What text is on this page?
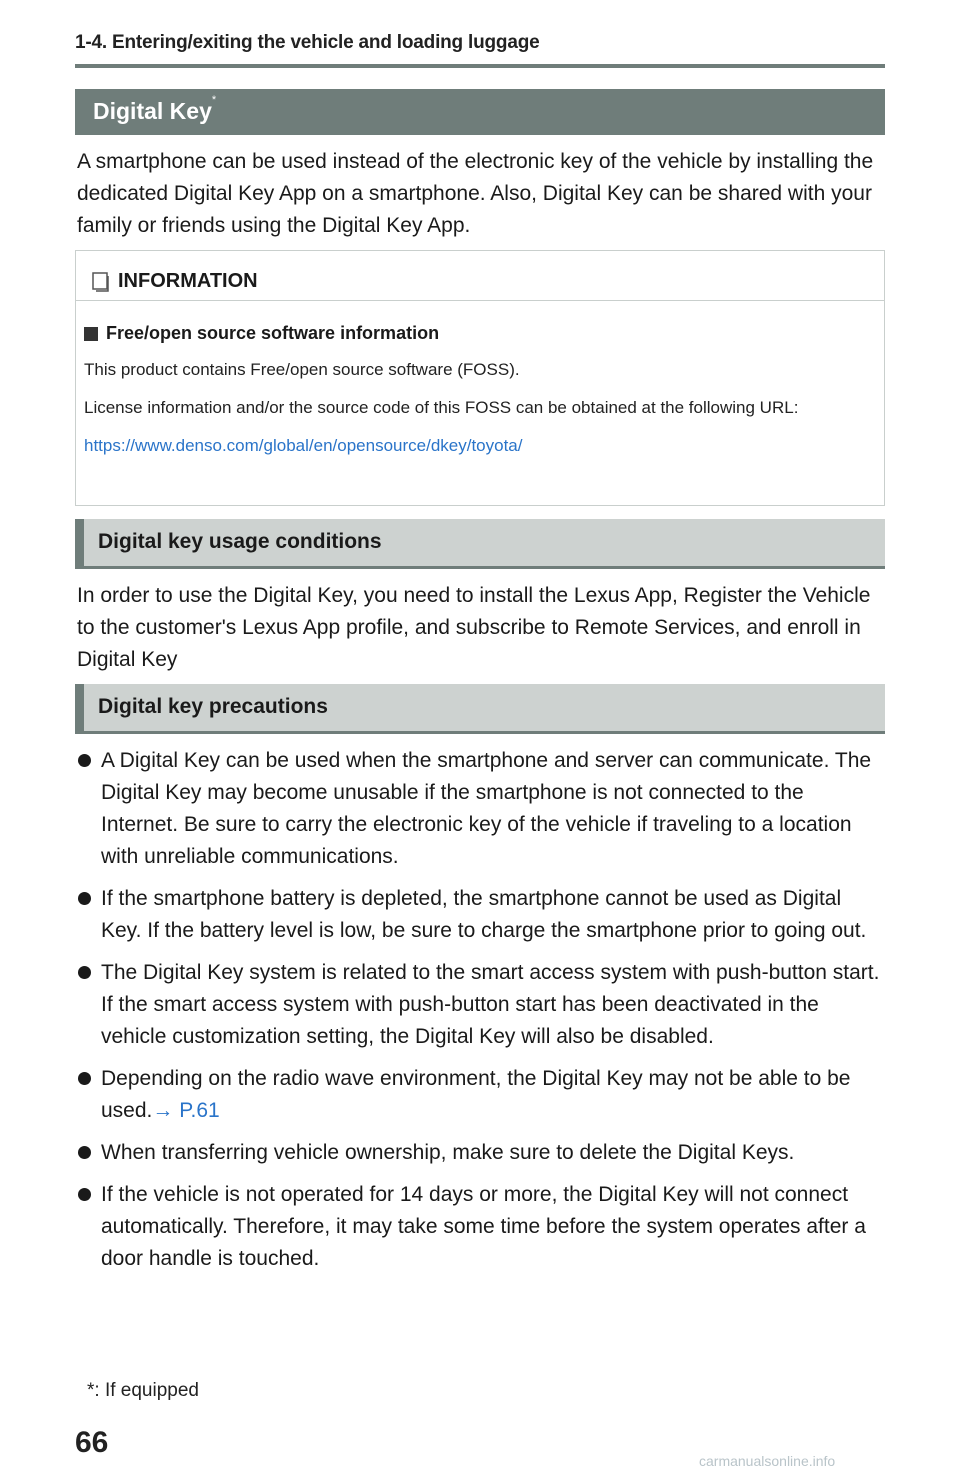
1-4. Entering/exiting the vehicle and loading luggage
Digital Key*

A smartphone can be used instead of the electronic key of the vehicle by installing the dedicated Digital Key App on a smartphone. Also, Digital Key can be shared with your family or friends using the Digital Key App.

INFORMATION
Free/open source software information

This product contains Free/open source software (FOSS).

License information and/or the source code of this FOSS can be obtained at the following URL:

https://www.denso.com/global/en/opensource/dkey/toyota/

Digital key usage conditions

In order to use the Digital Key, you need to install the Lexus App, Register the Vehicle to the customer's Lexus App profile, and subscribe to Remote Services, and enroll in Digital Key

Digital key precautions
A Digital Key can be used when the smartphone and server can communicate. The Digital Key may become unusable if the smartphone is not connected to the Internet. Be sure to carry the electronic key of the vehicle if traveling to a location with unreliable communications.
If the smartphone battery is depleted, the smartphone cannot be used as Digital Key. If the battery level is low, be sure to charge the smartphone prior to going out.
The Digital Key system is related to the smart access system with push-button start. If the smart access system with push-button start has been deactivated in the vehicle customization setting, the Digital Key will also be disabled.
Depending on the radio wave environment, the Digital Key may not be able to be used.→ P.61
When transferring vehicle ownership, make sure to delete the Digital Keys.
If the vehicle is not operated for 14 days or more, the Digital Key will not connect automatically. Therefore, it may take some time before the system operates after a door handle is touched.
*: If equipped
66
carmanualsonline.info
